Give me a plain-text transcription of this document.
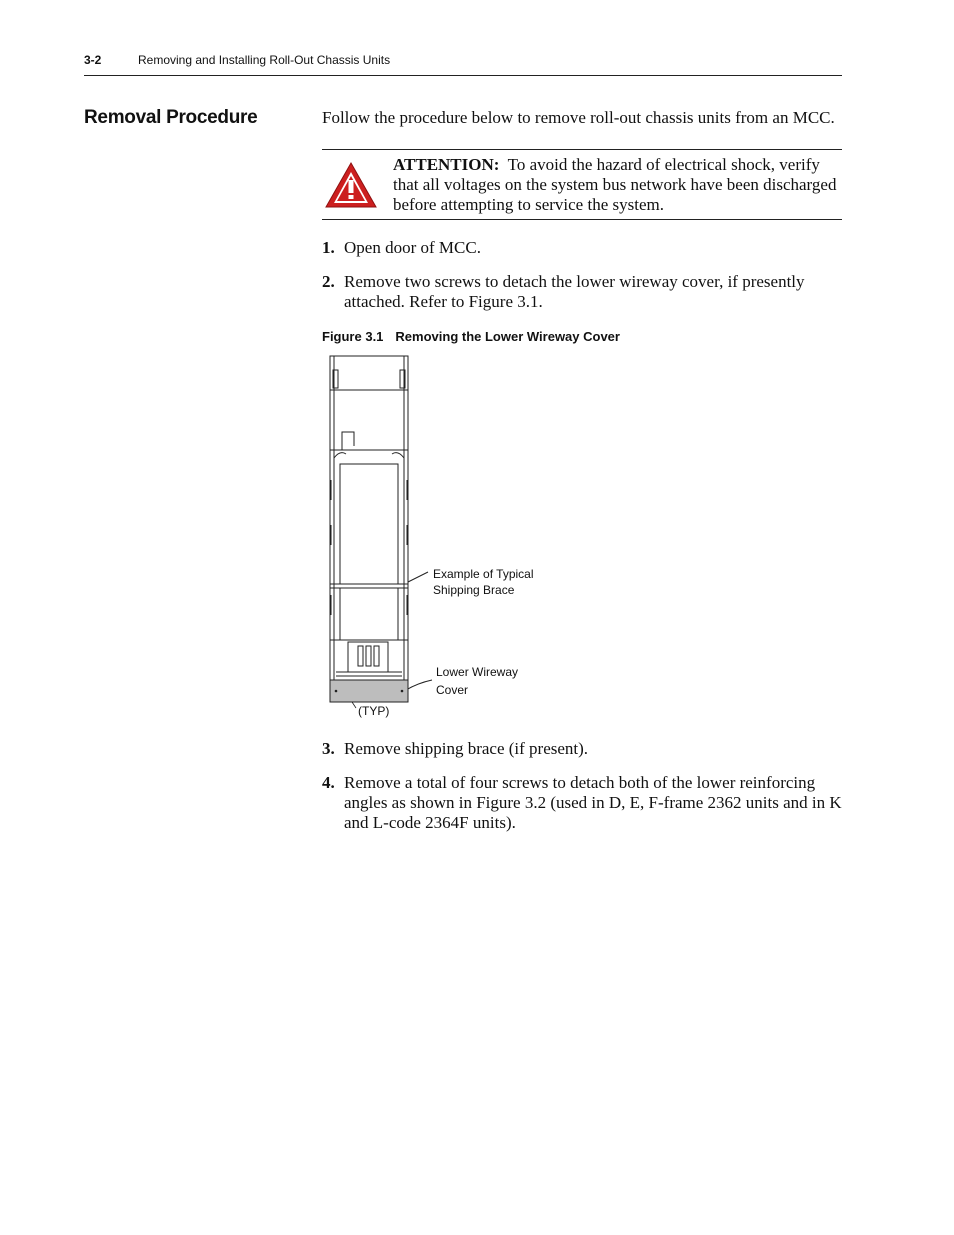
3-2	Removing and Installing Roll-Out Chassis Units
Removal Procedure	Follow the procedure below to remove roll-out chassis units from an MCC.
ATTENTION: To avoid the hazard of electrical shock, verify that all voltages on the system bus network have been discharged before attempting to service the system.
1. Open door of MCC.
2. Remove two screws to detach the lower wireway cover, if presently attached. Refer to Figure 3.1.
Figure 3.1 Removing the Lower Wireway Cover
Example of Typical
Shipping Brace
Lower Wireway
Cover
(TYP)
3. Remove shipping brace (if present).
4. Remove a total of four screws to detach both of the lower reinforcing angles as shown in Figure 3.2 (used in D, E, F-frame 2362 units and in K and L-code 2364F units).
